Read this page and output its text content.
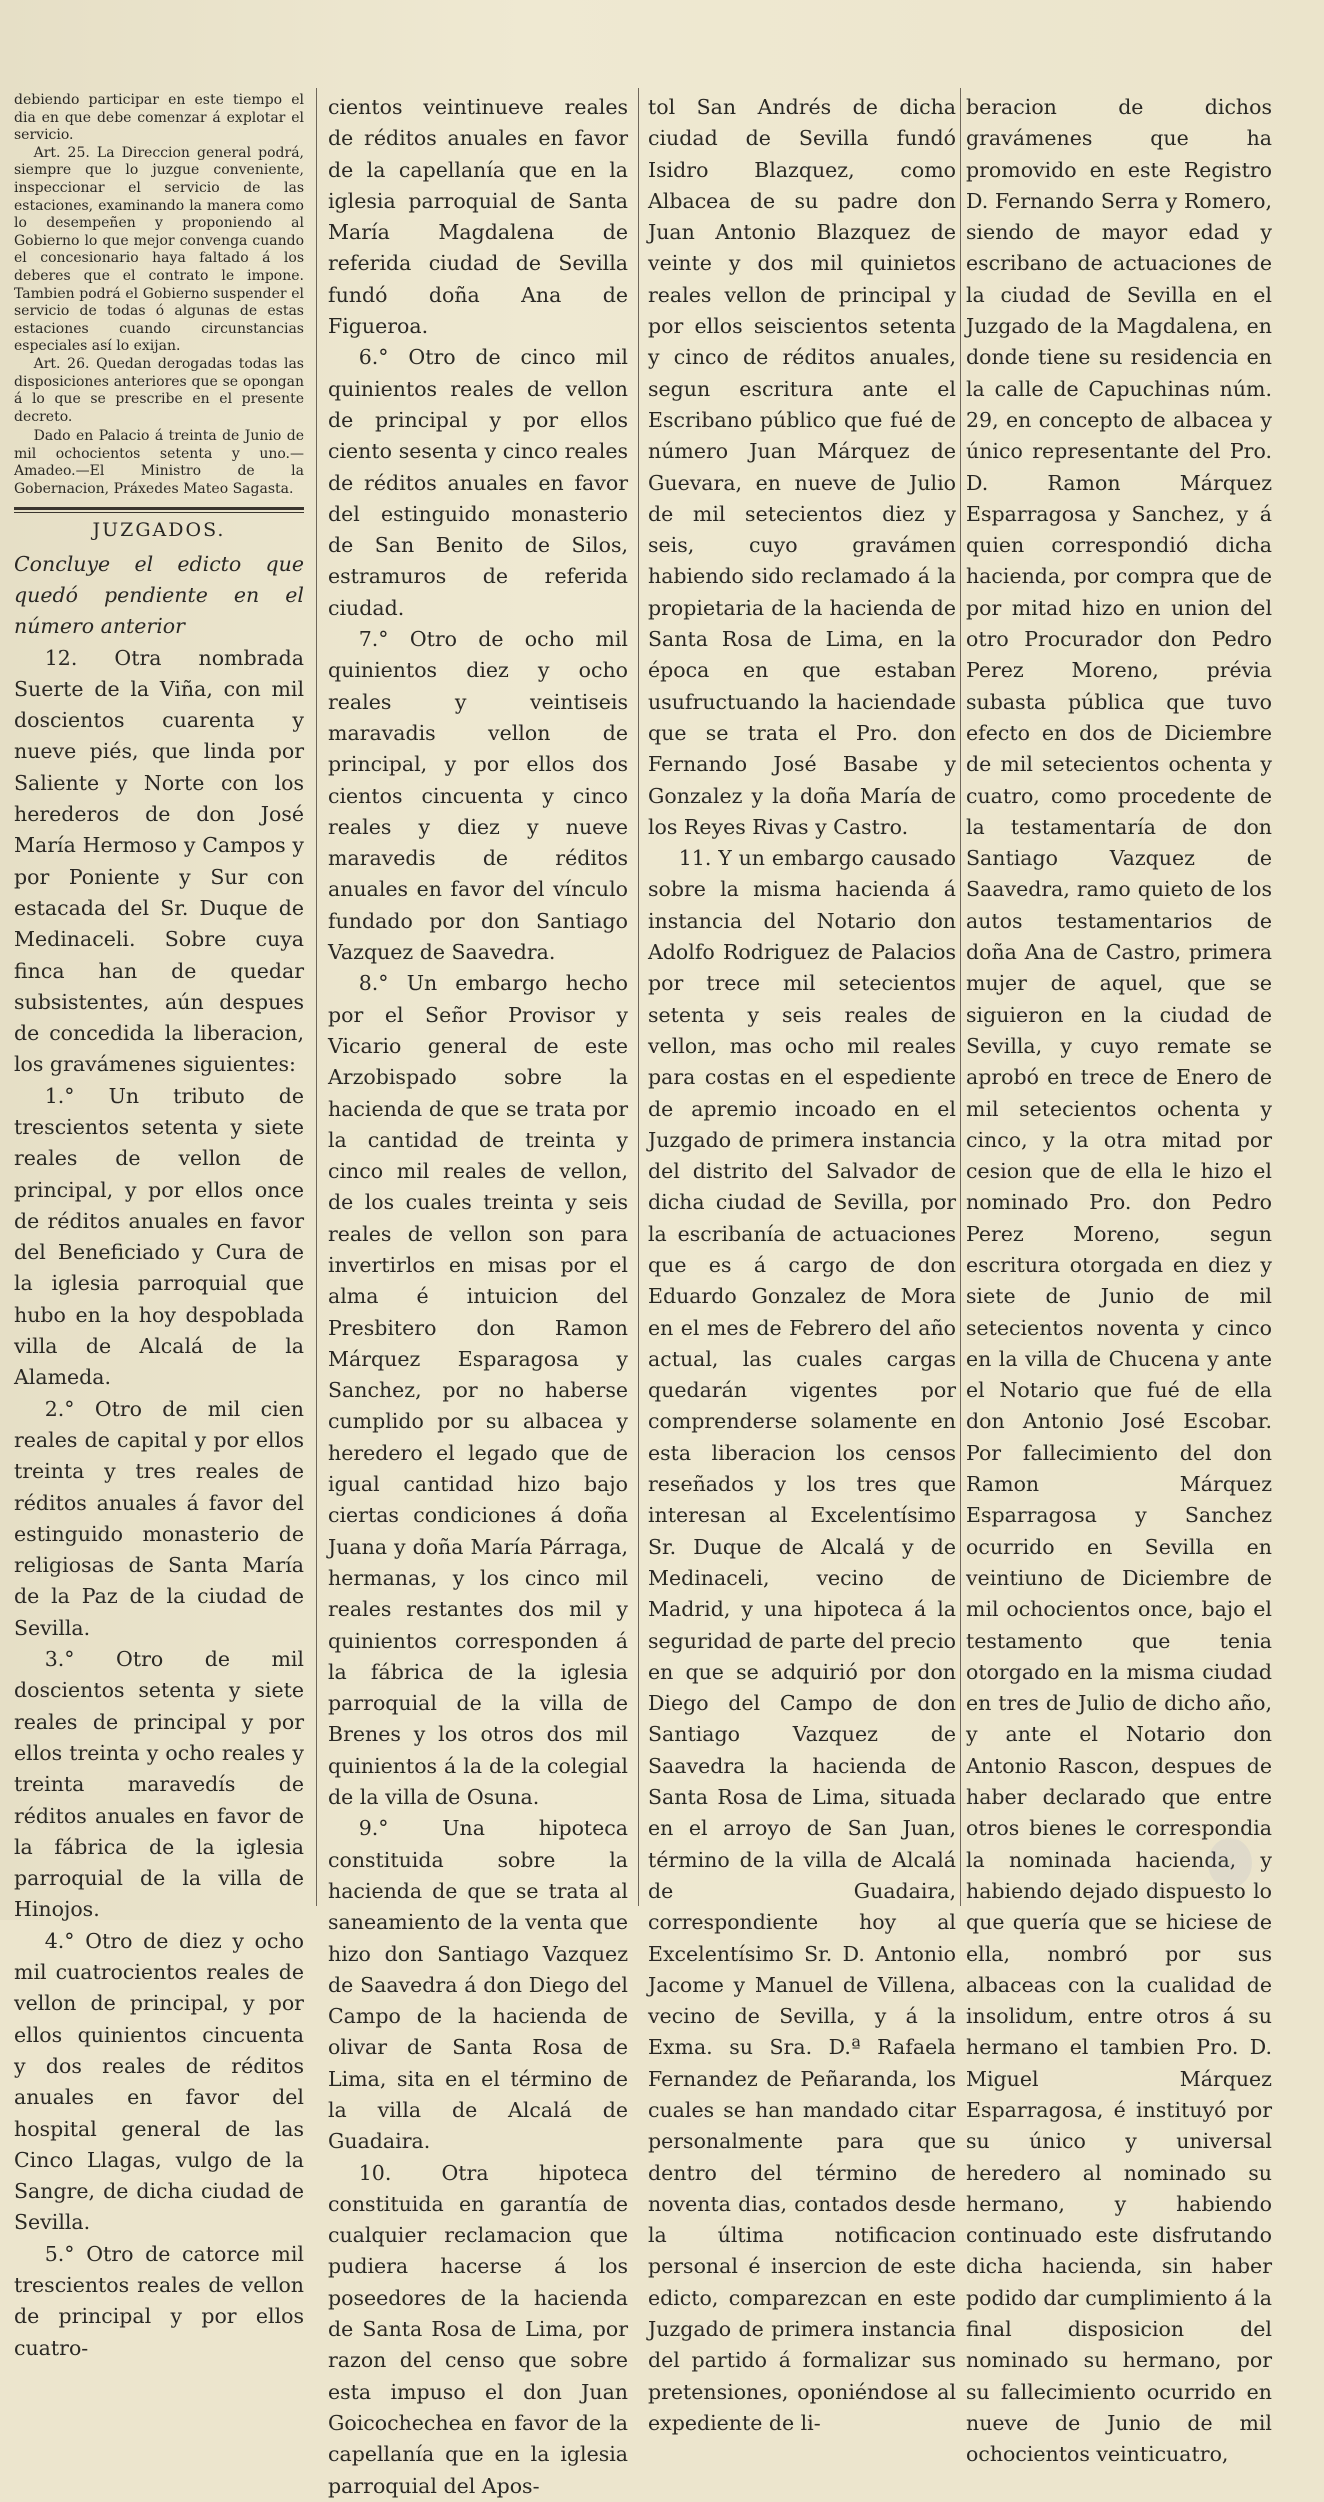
debiendo participar en este tiempo el dia en que debe comenzar á explotar el servicio.

Art. 25. La Direccion general podrá, siempre que lo juzgue conveniente, inspeccionar el servicio de las estaciones, examinando la manera como lo desempeñen y proponiendo al Gobierno lo que mejor convenga cuando el concesionario haya faltado á los deberes que el contrato le impone. Tambien podrá el Gobierno suspender el servicio de todas ó algunas de estas estaciones cuando circunstancias especiales así lo exijan.

Art. 26. Quedan derogadas todas las disposiciones anteriores que se opongan á lo que se prescribe en el presente decreto.

Dado en Palacio á treinta de Junio de mil ochocientos setenta y uno.— Amadeo.—El Ministro de la Gobernacion, Práxedes Mateo Sagasta.

JUZGADOS.

Concluye el edicto que quedó pendiente en el número anterior

12. Otra nombrada Suerte de la Viña, con mil doscientos cuarenta y nueve piés, que linda por Saliente y Norte con los herederos de don José María Hermoso y Campos y por Poniente y Sur con estacada del Sr. Duque de Medinaceli. Sobre cuya finca han de quedar subsistentes, aún despues de concedida la liberacion, los gravámenes siguientes:

1.° Un tributo de trescientos setenta y siete reales de vellon de principal, y por ellos once de réditos anuales en favor del Beneficiado y Cura de la iglesia parroquial que hubo en la hoy despoblada villa de Alcalá de la Alameda.

2.° Otro de mil cien reales de capital y por ellos treinta y tres reales de réditos anuales á favor del estinguido monasterio de religiosas de Santa María de la Paz de la ciudad de Sevilla.

3.° Otro de mil doscientos setenta y siete reales de principal y por ellos treinta y ocho reales y treinta maravedís de réditos anuales en favor de la fábrica de la iglesia parroquial de la villa de Hinojos.

4.° Otro de diez y ocho mil cuatrocientos reales de vellon de principal, y por ellos quinientos cincuenta y dos reales de réditos anuales en favor del hospital general de las Cinco Llagas, vulgo de la Sangre, de dicha ciudad de Sevilla.

5.° Otro de catorce mil trescientos reales de vellon de principal y por ellos cuatro-

cientos veintinueve reales de réditos anuales en favor de la capellanía que en la iglesia parroquial de Santa María Magdalena de referida ciudad de Sevilla fundó doña Ana de Figueroa.

6.° Otro de cinco mil quinientos reales de vellon de principal y por ellos ciento sesenta y cinco reales de réditos anuales en favor del estinguido monasterio de San Benito de Silos, estramuros de referida ciudad.

7.° Otro de ocho mil quinientos diez y ocho reales y veintiseis maravadis vellon de principal, y por ellos dos cientos cincuenta y cinco reales y diez y nueve maravedis de réditos anuales en favor del vínculo fundado por don Santiago Vazquez de Saavedra.

8.° Un embargo hecho por el Señor Provisor y Vicario general de este Arzobispado sobre la hacienda de que se trata por la cantidad de treinta y cinco mil reales de vellon, de los cuales treinta y seis reales de vellon son para invertirlos en misas por el alma é intuicion del Presbitero don Ramon Márquez Esparagosa y Sanchez, por no haberse cumplido por su albacea y heredero el legado que de igual cantidad hizo bajo ciertas condiciones á doña Juana y doña María Párraga, hermanas, y los cinco mil reales restantes dos mil y quinientos corresponden á la fábrica de la iglesia parroquial de la villa de Brenes y los otros dos mil quinientos á la de la colegial de la villa de Osuna.

9.° Una hipoteca constituida sobre la hacienda de que se trata al saneamiento de la venta que hizo don Santiago Vazquez de Saavedra á don Diego del Campo de la hacienda de olivar de Santa Rosa de Lima, sita en el término de la villa de Alcalá de Guadaira.

10. Otra hipoteca constituida en garantía de cualquier reclamacion que pudiera hacerse á los poseedores de la hacienda de Santa Rosa de Lima, por razon del censo que sobre esta impuso el don Juan Goicochechea en favor de la capellanía que en la iglesia parroquial del Apos-

tol San Andrés de dicha ciudad de Sevilla fundó Isidro Blazquez, como Albacea de su padre don Juan Antonio Blazquez de veinte y dos mil quinietos reales vellon de principal y por ellos seiscientos setenta y cinco de réditos anuales, segun escritura ante el Escribano público que fué de número Juan Márquez de Guevara, en nueve de Julio de mil setecientos diez y seis, cuyo gravámen habiendo sido reclamado á la propietaria de la hacienda de Santa Rosa de Lima, en la época en que estaban usufructuando la haciendade que se trata el Pro. don Fernando José Basabe y Gonzalez y la doña María de los Reyes Rivas y Castro.

11. Y un embargo causado sobre la misma hacienda á instancia del Notario don Adolfo Rodriguez de Palacios por trece mil setecientos setenta y seis reales de vellon, mas ocho mil reales para costas en el espediente de apremio incoado en el Juzgado de primera instancia del distrito del Salvador de dicha ciudad de Sevilla, por la escribanía de actuaciones que es á cargo de don Eduardo Gonzalez de Mora en el mes de Febrero del año actual, las cuales cargas quedarán vigentes por comprenderse solamente en esta liberacion los censos reseñados y los tres que interesan al Excelentísimo Sr. Duque de Alcalá y de Medinaceli, vecino de Madrid, y una hipoteca á la seguridad de parte del precio en que se adquirió por don Diego del Campo de don Santiago Vazquez de Saavedra la hacienda de Santa Rosa de Lima, situada en el arroyo de San Juan, término de la villa de Alcalá de Guadaira, correspondiente hoy al Excelentísimo Sr. D. Antonio Jacome y Manuel de Villena, vecino de Sevilla, y á la Exma. su Sra. D.ª Rafaela Fernandez de Peñaranda, los cuales se han mandado citar personalmente para que dentro del término de noventa dias, contados desde la última notificacion personal é insercion de este edicto, comparezcan en este Juzgado de primera instancia del partido á formalizar sus pretensiones, oponiéndose al expediente de li-

beracion de dichos gravámenes que ha promovido en este Registro D. Fernando Serra y Romero, siendo de mayor edad y escribano de actuaciones de la ciudad de Sevilla en el Juzgado de la Magdalena, en donde tiene su residencia en la calle de Capuchinas núm. 29, en concepto de albacea y único representante del Pro. D. Ramon Márquez Esparragosa y Sanchez, y á quien correspondió dicha hacienda, por compra que de por mitad hizo en union del otro Procurador don Pedro Perez Moreno, prévia subasta pública que tuvo efecto en dos de Diciembre de mil setecientos ochenta y cuatro, como procedente de la testamentaría de don Santiago Vazquez de Saavedra, ramo quieto de los autos testamentarios de doña Ana de Castro, primera mujer de aquel, que se siguieron en la ciudad de Sevilla, y cuyo remate se aprobó en trece de Enero de mil setecientos ochenta y cinco, y la otra mitad por cesion que de ella le hizo el nominado Pro. don Pedro Perez Moreno, segun escritura otorgada en diez y siete de Junio de mil setecientos noventa y cinco en la villa de Chucena y ante el Notario que fué de ella don Antonio José Escobar. Por fallecimiento del don Ramon Márquez Esparragosa y Sanchez ocurrido en Sevilla en veintiuno de Diciembre de mil ochocientos once, bajo el testamento que tenia otorgado en la misma ciudad en tres de Julio de dicho año, y ante el Notario don Antonio Rascon, despues de haber declarado que entre otros bienes le correspondia la nominada hacienda, y habiendo dejado dispuesto lo que quería que se hiciese de ella, nombró por sus albaceas con la cualidad de insolidum, entre otros á su hermano el tambien Pro. D. Miguel Márquez Esparragosa, é instituyó por su único y universal heredero al nominado su hermano, y habiendo continuado este disfrutando dicha hacienda, sin haber podido dar cumplimiento á la final disposicion del nominado su hermano, por su fallecimiento ocurrido en nueve de Junio de mil ochocientos veinticuatro,
